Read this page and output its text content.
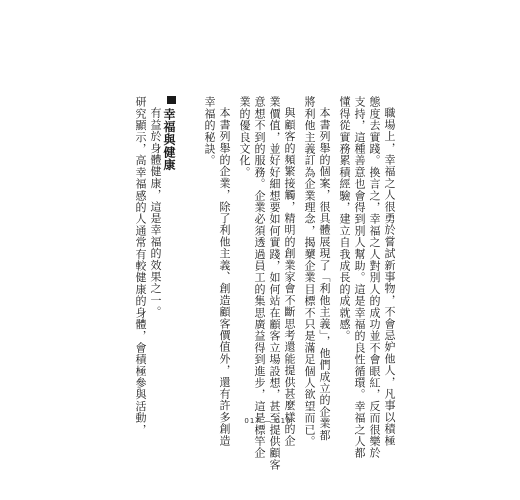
職場上，幸福之人很勇於嘗試新事物，不會忌妒他人，凡事以積極
態度去實踐。換言之，幸福之人對別人的成功並不會眼紅，反而很樂於
支持，這種善意也會得到別人幫助。這是幸福的良性循環。幸福之人都
懂得從實務累積經驗，建立自我成長的成就感。
本書列舉的個案，很具體展現了「利他主義」，他們成立的企業都
將利他主義訂為企業理念，揭櫫企業目標不只是滿足個人欲望而已。
與顧客的頻繁接觸，精明的創業家會不斷思考還能提供甚麼樣的企
業價值，並好好細想要如何實踐，如何站在顧客立場設想，甚至提供顧客
意想不到的服務。企業必須透過員工的集思廣益得到進步，這是標竿企
業的優良文化。
本書列舉的企業，除了利他主義、創造顧客價值外，還有許多創造
幸福的秘訣。
有益於身體健康，這是幸福的效果之一。
研究顯示，高幸福感的人通常有較健康的身體，會積極參與活動， 幸福與健康
017 — 016
